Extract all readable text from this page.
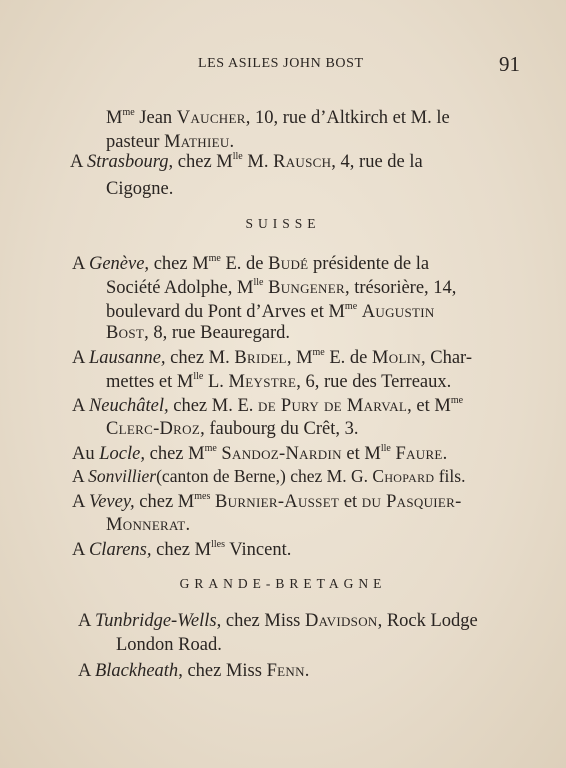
LES ASILES JOHN BOST	91
$M^{me}$ Jean Vaucher, 10, rue d’Altkirch et M. le
pasteur Mathieu.
A Strasbourg, chez $M^{lle}$ M. Rausch, 4, rue de la
Cigogne.
SUISSE
A Genève, chez $M^{me}$ E. de Budé présidente de la
Société Adolphe, $M^{lle}$ Bungener, trésorière, 14,
boulevard du Pont d’Arves et $M^{me}$ Augustin
Bost, 8, rue Beauregard.
A Lausanne, chez M. Bridel, $M^{me}$ E. de Molin, Char-
mettes et $M^{lle}$ L. Meystre, 6, rue des Terreaux.
A Neuchâtel, chez M. E. de Pury de Marval, et $M^{me}$
Clerc-Droz, faubourg du Crêt, 3.
Au Locle, chez $M^{me}$ Sandoz-Nardin et $M^{lle}$ Faure.
A Sonvillier(canton de Berne,) chez M. G. Chopard fils.
A Vevey, chez $M^{mes}$ Burnier-Ausset et du Pasquier-
Monnerat.
A Clarens, chez $M^{lles}$ Vincent.
GRANDE-BRETAGNE
A Tunbridge-Wells, chez Miss Davidson, Rock Lodge
London Road.
A Blackheath, chez Miss Fenn.
